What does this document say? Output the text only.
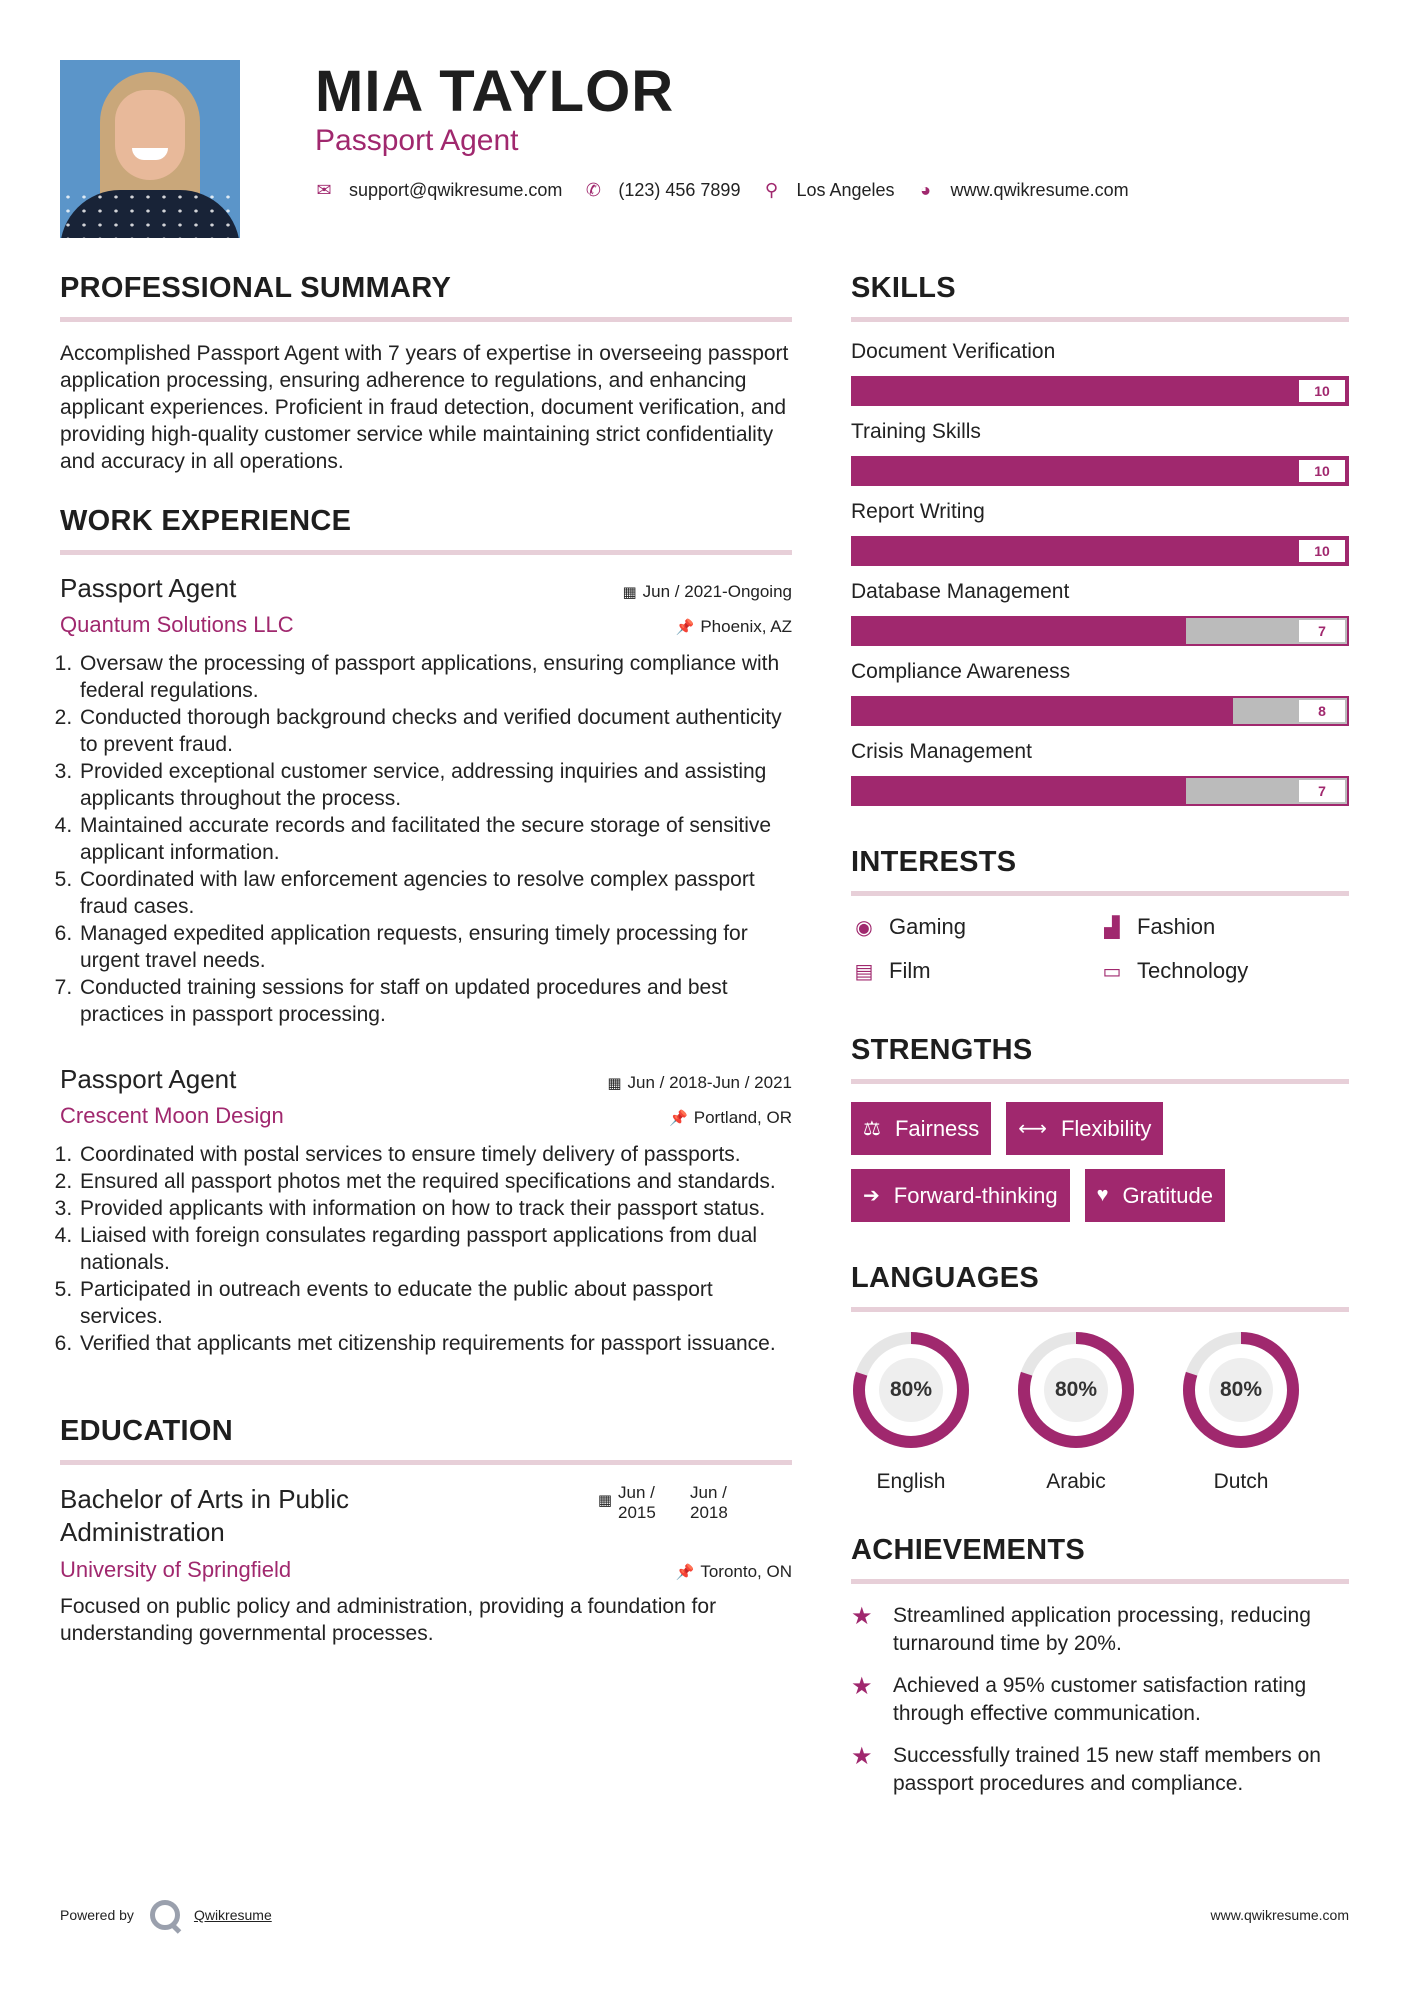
MIA TAYLOR
Passport Agent
✉ support@qwikresume.com ✆ (123) 456 7899 ⚲ Los Angeles ◕ www.qwikresume.com
PROFESSIONAL SUMMARY

Accomplished Passport Agent with 7 years of expertise in overseeing passport application processing, ensuring adherence to regulations, and enhancing applicant experiences. Proficient in fraud detection, document verification, and providing high-quality customer service while maintaining strict confidentiality and accuracy in all operations.

WORK EXPERIENCE
Passport Agent	▦ Jun / 2021-Ongoing
Quantum Solutions LLC	📌 Phoenix, AZ
1. Oversaw the processing of passport applications, ensuring compliance with federal regulations.
2. Conducted thorough background checks and verified document authenticity to prevent fraud.
3. Provided exceptional customer service, addressing inquiries and assisting applicants throughout the process.
4. Maintained accurate records and facilitated the secure storage of sensitive applicant information.
5. Coordinated with law enforcement agencies to resolve complex passport fraud cases.
6. Managed expedited application requests, ensuring timely processing for urgent travel needs.
7. Conducted training sessions for staff on updated procedures and best practices in passport processing.
Passport Agent	▦ Jun / 2018-Jun / 2021
Crescent Moon Design	📌 Portland, OR
1. Coordinated with postal services to ensure timely delivery of passports.
2. Ensured all passport photos met the required specifications and standards.
3. Provided applicants with information on how to track their passport status.
4. Liaised with foreign consulates regarding passport applications from dual nationals.
5. Participated in outreach events to educate the public about passport services.
6. Verified that applicants met citizenship requirements for passport issuance.
EDUCATION
Bachelor of Arts in Public Administration
▦ Jun / 2015
Jun / 2018
University of Springfield	📌 Toronto, ON

Focused on public policy and administration, providing a foundation for understanding governmental processes.

SKILLS
Document Verification
10
Training Skills
10
Report Writing
10
Database Management
7
Compliance Awareness
8
Crisis Management
7
INTERESTS
◉ Gaming	▟ Fashion
▤ Film	▭ Technology
STRENGTHS
⚖ Fairness ⟷ Flexibility
➔ Forward-thinking ♥ Gratitude
LANGUAGES
80%
English
80%
Arabic
80%
Dutch
ACHIEVEMENTS
★ Streamlined application processing, reducing turnaround time by 20%.
★ Achieved a 95% customer satisfaction rating through effective communication.
★ Successfully trained 15 new staff members on passport procedures and compliance.
Powered by	Qwikresume	www.qwikresume.com
